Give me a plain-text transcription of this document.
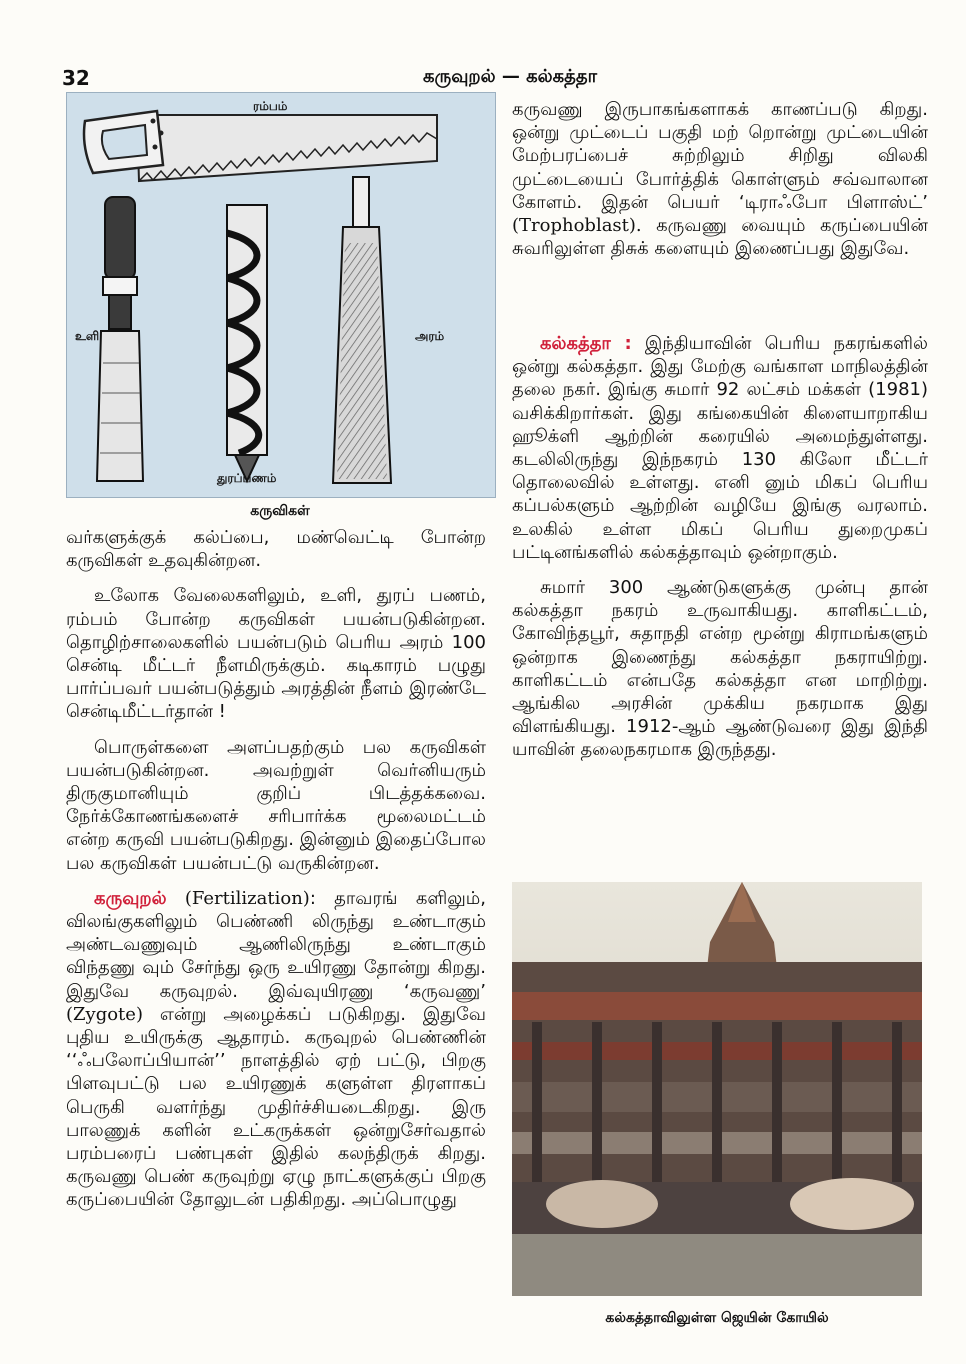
32	கருவுறல் — கல்கத்தா
ரம்பம்
உளி	அரம்
துரப்பணம்
கருவிகள்

வர்களுக்குக் கல்ப்பை, மண்வெட்டி போன்ற கருவிகள் உதவுகின்றன.

உலோக வேலைகளிலும், உளி, துரப் பணம், ரம்பம் போன்ற கருவிகள் பயன்படுகின்றன. தொழிற்சாலைகளில் பயன்படும் பெரிய அரம் 100 சென்டி மீட்டர் நீளமிருக்கும். கடிகாரம் பழுது பார்ப்பவர் பயன்படுத்தும் அரத்தின் நீளம் இரண்டே சென்டிமீட்டர்தான் !

பொருள்களை அளப்பதற்கும் பல கருவிகள் பயன்படுகின்றன. அவற்றுள் வெர்னியரும் திருகுமானியும் குறிப் பிடத்தக்கவை. நேர்க்கோணங்களைச் சரிபார்க்க மூலைமட்டம் என்ற கருவி பயன்படுகிறது. இன்னும் இதைப்போல பல கருவிகள் பயன்பட்டு வருகின்றன.

கருவுறல் (Fertilization): தாவரங் களிலும், விலங்குகளிலும் பெண்ணி லிருந்து உண்டாகும் அண்டவணுவும் ஆணிலிருந்து உண்டாகும் விந்தணு வும் சேர்ந்து ஒரு உயிரணு தோன்று கிறது. இதுவே கருவுறல். இவ்வுயிரணு ‘கருவணு’ (Zygote) என்று அழைக்கப் படுகிறது. இதுவே புதிய உயிருக்கு ஆதாரம். கருவுறல் பெண்ணின் ‘‘ஃபலோப்பியான்’’ நாளத்தில் ஏற் பட்டு, பிறகு பிளவுபட்டு பல உயிரணுக் களுள்ள திரளாகப் பெருகி வளர்ந்து முதிர்ச்சியடைகிறது. இரு பாலணுக் களின் உட்கருக்கள் ஒன்றுசேர்வதால் பரம்பரைப் பண்புகள் இதில் கலந்திருக் கிறது. கருவணு பெண் கருவுற்று ஏழு நாட்களுக்குப் பிறகு கருப்பையின் தோலுடன் பதிகிறது. அப்பொழுது

கருவணு இருபாகங்களாகக் காணப்படு கிறது. ஒன்று முட்டைப் பகுதி மற் றொன்று முட்டையின் மேற்பரப்பைச் சுற்றிலும் சிறிது விலகி முட்டையைப் போர்த்திக் கொள்ளும் சவ்வாலான கோளம். இதன் பெயர் ‘டிராஃபோ பிளாஸ்ட்’ (Trophoblast). கருவணு வையும் கருப்பையின் சுவரிலுள்ள திசுக் களையும் இணைப்பது இதுவே.

கல்கத்தா : இந்தியாவின் பெரிய நகரங்களில் ஒன்று கல்கத்தா. இது மேற்கு வங்காள மாநிலத்தின் தலை நகர். இங்கு சுமார் 92 லட்சம் மக்கள் (1981) வசிக்கிறார்கள். இது கங்கையின் கிளையாறாகிய ஹூக்ளி ஆற்றின் கரையில் அமைந்துள்ளது. கடலிலிருந்து இந்நகரம் 130 கிலோ மீட்டர் தொலைவில் உள்ளது. எனி னும் மிகப் பெரிய கப்பல்களும் ஆற்றின் வழியே இங்கு வரலாம். உலகில் உள்ள மிகப் பெரிய துறைமுகப் பட்டினங்களில் கல்கத்தாவும் ஒன்றாகும்.

சுமார் 300 ஆண்டுகளுக்கு முன்பு தான் கல்கத்தா நகரம் உருவாகியது. காளிகட்டம், கோவிந்தபூர், சுதாநதி என்ற மூன்று கிராமங்களும் ஒன்றாக இணைந்து கல்கத்தா நகராயிற்று. காளிகட்டம் என்பதே கல்கத்தா என மாறிற்று. ஆங்கில அரசின் முக்கிய நகரமாக இது விளங்கியது. 1912-ஆம் ஆண்டுவரை இது இந்தி யாவின் தலைநகரமாக இருந்தது.

கல்கத்தாவிலுள்ள ஜெயின் கோயில்
